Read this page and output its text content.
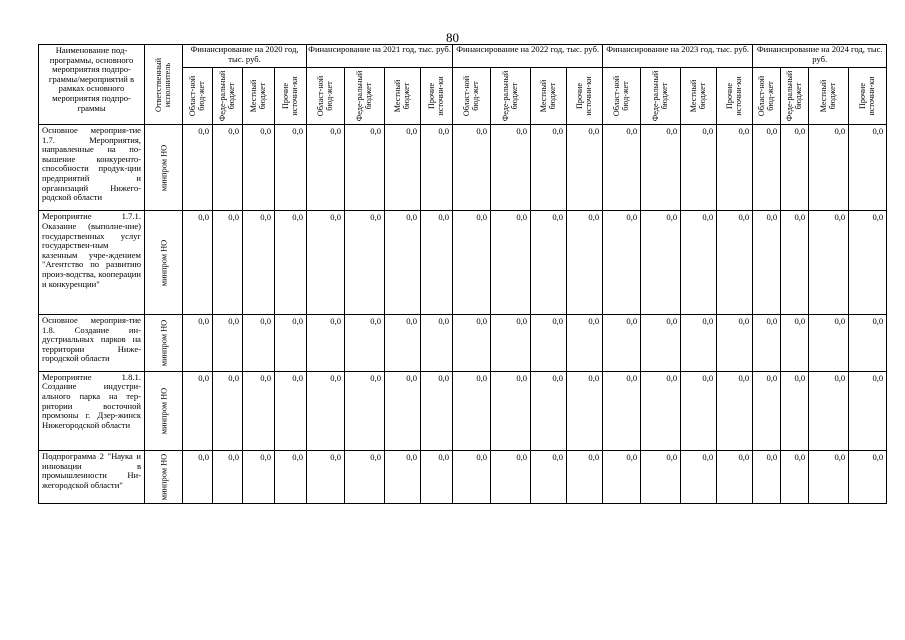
80
Наименование под-программы, основного мероприятия подпро-граммы/мероприятий в рамках основного мероприятия подпро-граммы	Ответственный исполнитель	Финансирование на 2020 год, тыс. руб.				Финансирование на 2021 год, тыс. руб.				Финансирование на 2022 год, тыс. руб.				Финансирование на 2023 год, тыс. руб.				Финансирование на 2024 год, тыс. руб.			

		Област-ной бюд-жет	Феде-ральный бюджет	Местный бюджет	Прочие источни-ки	Област-ной бюд-жет	Феде-ральный бюджет	Местный бюджет	Прочие источни-ки	Област-ной бюд-жет	Феде-ральный бюджет	Местный бюджет	Прочие источни-ки	Област-ной бюд-жет	Феде-ральный бюджет	Местный бюджет	Прочие источни-ки	Област-ной бюд-жет	Феде-ральный бюджет	Местный бюджет	Прочие источни-ки

Основное мероприя-тие 1.7. Мероприятия, направленные на по-вышение конкуренто-способности продук-ции предприятий и организаций Нижего-родской области	минпром НО	0,0	0,0	0,0	0,0	0,0	0,0	0,0	0,0	0,0	0,0	0,0	0,0	0,0	0,0	0,0	0,0	0,0	0,0	0,0	0,0
Мероприятие 1.7.1. Оказание (выполне-ние) государственных услуг государствен-ным казенным учре-ждением "Агентство по развитию произ-водства, кооперации и конкуренции"	минпром НО	0,0	0,0	0,0	0,0	0,0	0,0	0,0	0,0	0,0	0,0	0,0	0,0	0,0	0,0	0,0	0,0	0,0	0,0	0,0	0,0
Основное мероприя-тие 1.8. Создание ин-дустриальных парков на территории Ниже-городской области	минпром НО	0,0	0,0	0,0	0,0	0,0	0,0	0,0	0,0	0,0	0,0	0,0	0,0	0,0	0,0	0,0	0,0	0,0	0,0	0,0	0,0
Мероприятие 1.8.1. Создание индустри-ального парка на тер-ритории восточной промзоны г. Дзер-жинск Нижегородской области	минпром НО	0,0	0,0	0,0	0,0	0,0	0,0	0,0	0,0	0,0	0,0	0,0	0,0	0,0	0,0	0,0	0,0	0,0	0,0	0,0	0,0
Подпрограмма 2 "Наука и инновации в промышленности Ни-жегородской области"	минпром НО	0,0	0,0	0,0	0,0	0,0	0,0	0,0	0,0	0,0	0,0	0,0	0,0	0,0	0,0	0,0	0,0	0,0	0,0	0,0	0,0
